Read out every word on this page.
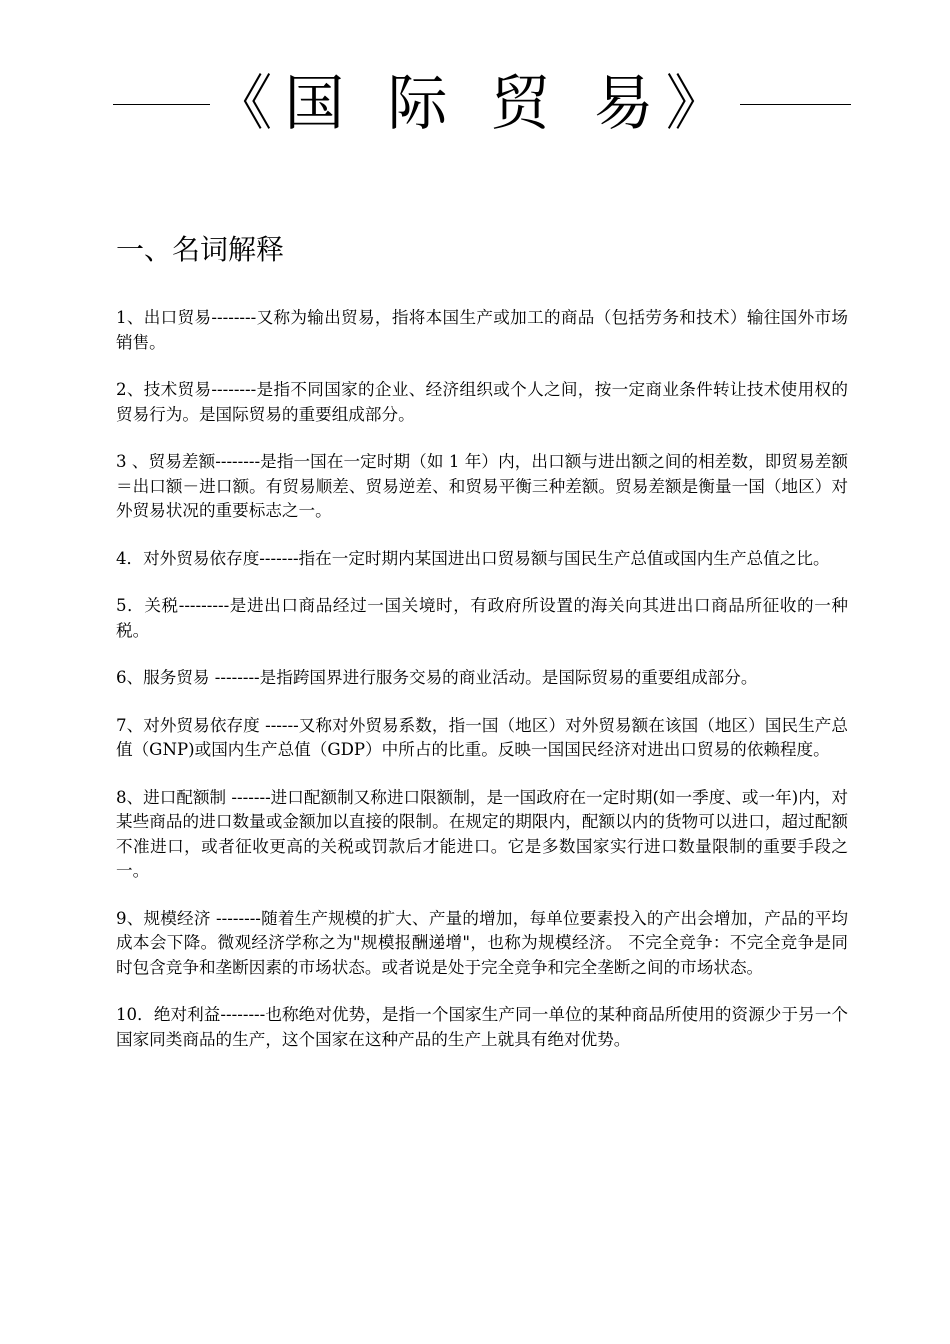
《国 际 贸 易》
一、名词解释

1、出口贸易--------又称为输出贸易，指将本国生产或加工的商品（包括劳务和技术）输往国外市场销售。

2、技术贸易--------是指不同国家的企业、经济组织或个人之间，按一定商业条件转让技术使用权的贸易行为。是国际贸易的重要组成部分。

3 、贸易差额--------是指一国在一定时期（如 1 年）内，出口额与进出额之间的相差数，即贸易差额＝出口额－进口额。有贸易顺差、贸易逆差、和贸易平衡三种差额。贸易差额是衡量一国（地区）对外贸易状况的重要标志之一。

4．对外贸易依存度-------指在一定时期内某国进出口贸易额与国民生产总值或国内生产总值之比。

5．关税---------是进出口商品经过一国关境时，有政府所设置的海关向其进出口商品所征收的一种税。

6、服务贸易 --------是指跨国界进行服务交易的商业活动。是国际贸易的重要组成部分。

7、对外贸易依存度 ------又称对外贸易系数，指一国（地区）对外贸易额在该国（地区）国民生产总值（GNP)或国内生产总值（GDP）中所占的比重。反映一国国民经济对进出口贸易的依赖程度。

8、进口配额制 -------进口配额制又称进口限额制，是一国政府在一定时期(如一季度、或一年)内，对某些商品的进口数量或金额加以直接的限制。在规定的期限内，配额以内的货物可以进口，超过配额不准进口，或者征收更高的关税或罚款后才能进口。它是多数国家实行进口数量限制的重要手段之一。

9、规模经济 --------随着生产规模的扩大、产量的增加，每单位要素投入的产出会增加，产品的平均成本会下降。微观经济学称之为"规模报酬递增"，也称为规模经济。 不完全竞争：不完全竞争是同时包含竞争和垄断因素的市场状态。或者说是处于完全竞争和完全垄断之间的市场状态。

10．绝对利益--------也称绝对优势，是指一个国家生产同一单位的某种商品所使用的资源少于另一个国家同类商品的生产，这个国家在这种产品的生产上就具有绝对优势。
